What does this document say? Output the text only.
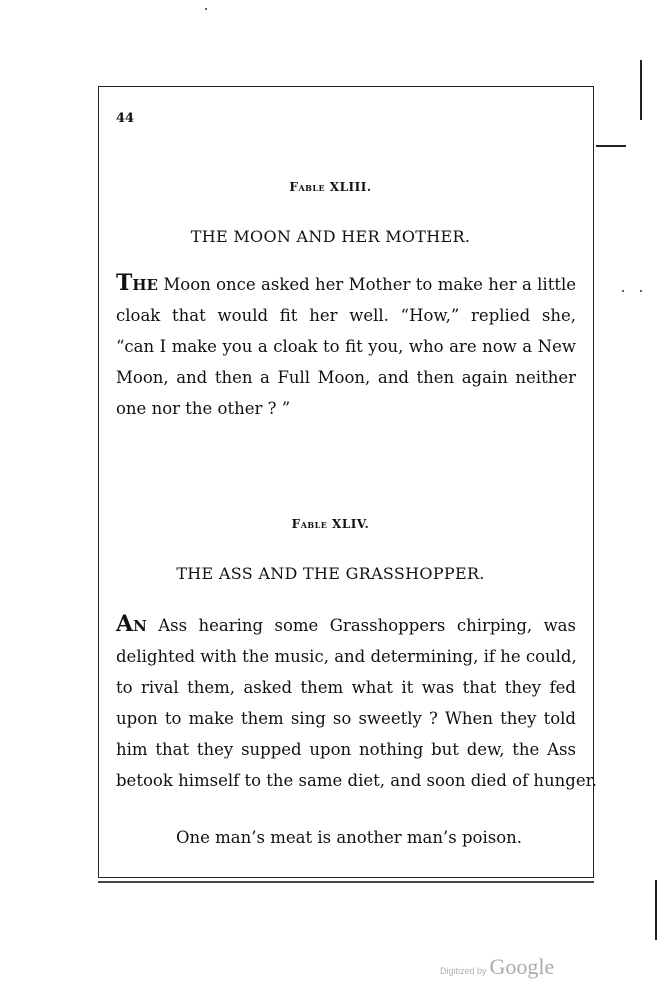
44
Fable XLIII.
THE MOON AND HER MOTHER.
The Moon once asked her Mother to make her a little
cloak that would fit her well. “How,” replied she,
“can I make you a cloak to fit you, who are now a New
Moon, and then a Full Moon, and then again neither
one nor the other ? ”
Fable XLIV.
THE ASS AND THE GRASSHOPPER.
An Ass hearing some Grasshoppers chirping, was
delighted with the music, and determining, if he could,
to rival them, asked them what it was that they fed
upon to make them sing so sweetly ? When they told
him that they supped upon nothing but dew, the Ass
betook himself to the same diet, and soon died of hunger.
One man’s meat is another man’s poison.
Digitized by Google
